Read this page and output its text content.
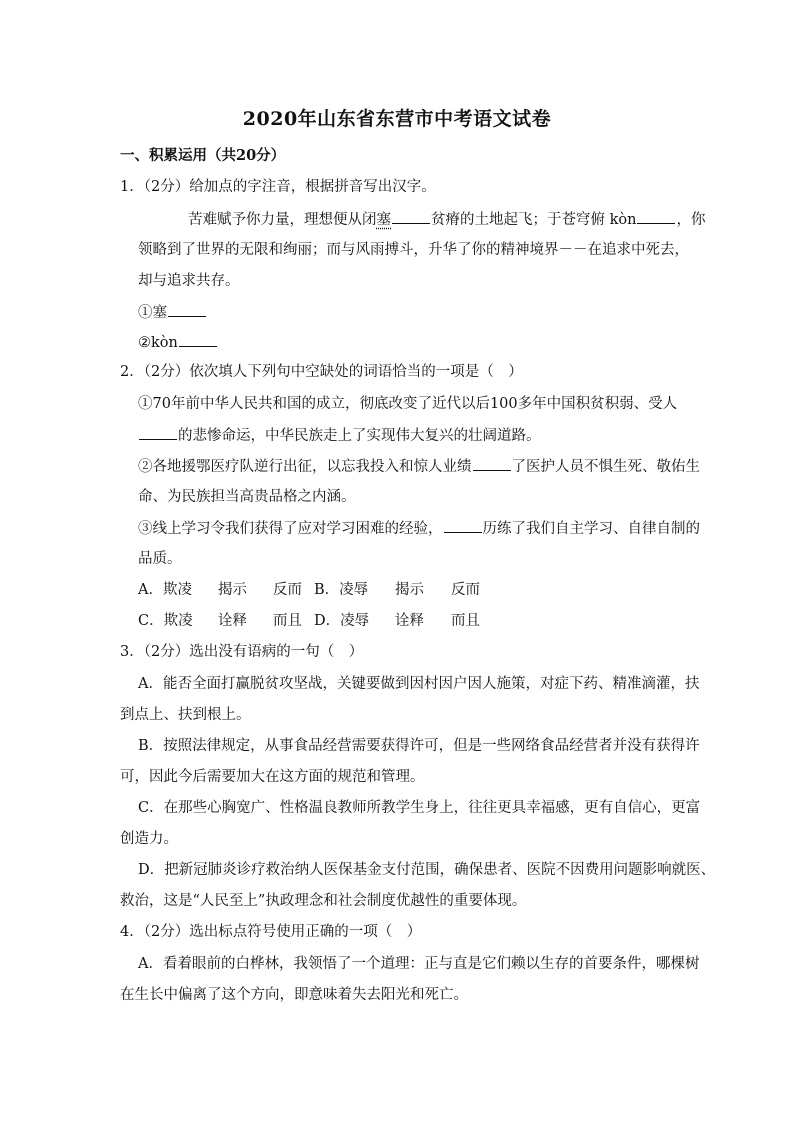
2020年山东省东营市中考语文试卷
一、积累运用（共20分）
1．（2分）给加点的字注音，根据拼音写出汉字。
苦难赋予你力量，理想便从闭塞	贫瘠的土地起飞；于苍穹俯 kòn	，你
领略到了世界的无限和绚丽；而与风雨搏斗，升华了你的精神境界－－在追求中死去，
却与追求共存。
①塞
②kòn
2．（2分）依次填人下列句中空缺处的词语恰当的一项是（　）
①70年前中华人民共和国的成立，彻底改变了近代以后100多年中国积贫积弱、受人
的悲惨命运，中华民族走上了实现伟大复兴的壮阔道路。
②各地援鄂医疗队逆行出征，以忘我投入和惊人业绩	了医护人员不惧生死、敬佑生
命、为民族担当高贵品格之内涵。
③线上学习令我们获得了应对学习困难的经验，	历练了我们自主学习、自律自制的
品质。
A．欺凌 揭示 反而 B．凌辱 揭示 反而
C．欺凌 诠释 而且 D．凌辱 诠释 而且
3．（2分）选出没有语病的一句（　）
A．能否全面打赢脱贫攻坚战，关键要做到因村因户因人施策，对症下药、精准滴灌，扶
到点上、扶到根上。
B．按照法律规定，从事食品经营需要获得许可，但是一些网络食品经营者并没有获得许
可，因此今后需要加大在这方面的规范和管理。
C．在那些心胸宽广、性格温良教师所教学生身上，往往更具幸福感，更有自信心，更富
创造力。
D．把新冠肺炎诊疗救治纳人医保基金支付范围，确保患者、医院不因费用问题影响就医、
救治，这是“人民至上”执政理念和社会制度优越性的重要体现。
4．（2分）选出标点符号使用正确的一项（　）
A．看着眼前的白桦林，我领悟了一个道理：正与直是它们赖以生存的首要条件，哪棵树
在生长中偏离了这个方向，即意味着失去阳光和死亡。
